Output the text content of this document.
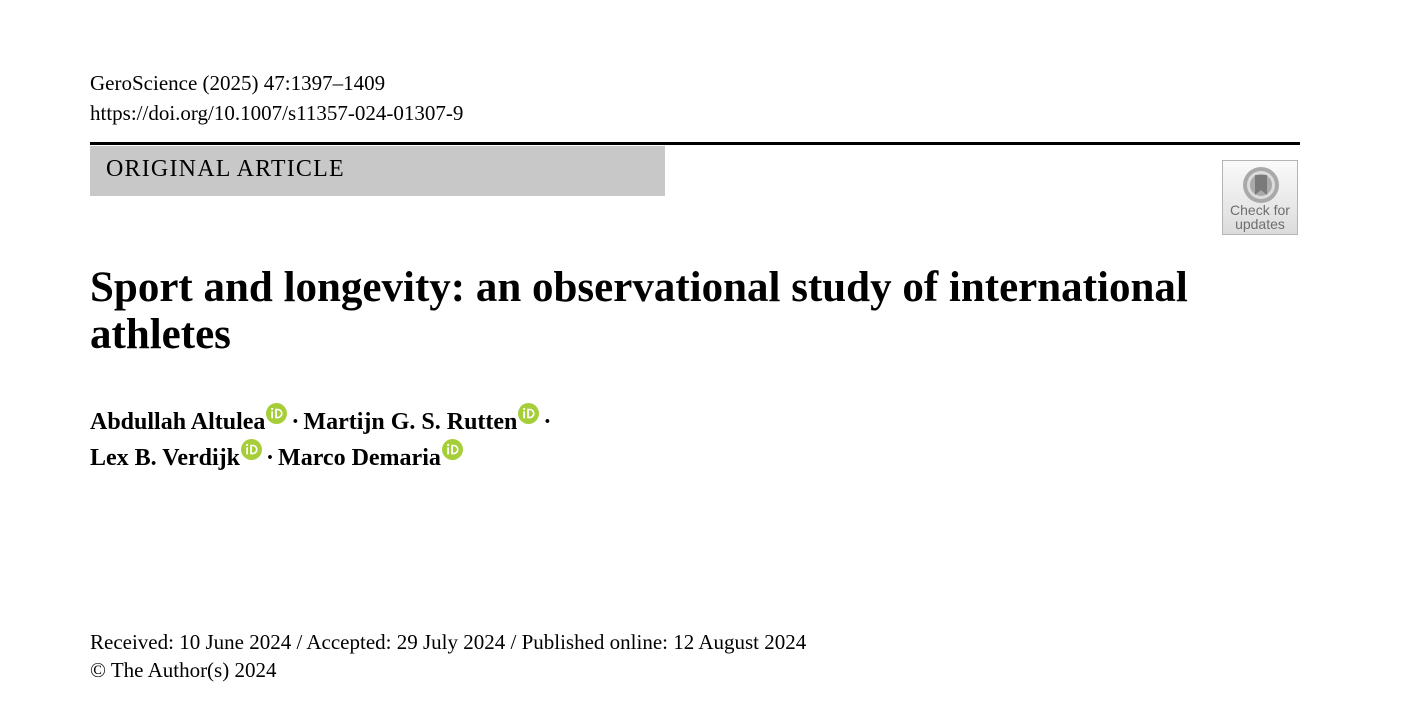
GeroScience (2025) 47:1397–1409
https://doi.org/10.1007/s11357-024-01307-9
ORIGINAL ARTICLE
Check for
updates
Sport and longevity: an observational study of international athletes
Abdullah Altulea · Martijn G. S. Rutten ·
Lex B. Verdijk · Marco Demaria
Received: 10 June 2024 / Accepted: 29 July 2024 / Published online: 12 August 2024
© The Author(s) 2024
